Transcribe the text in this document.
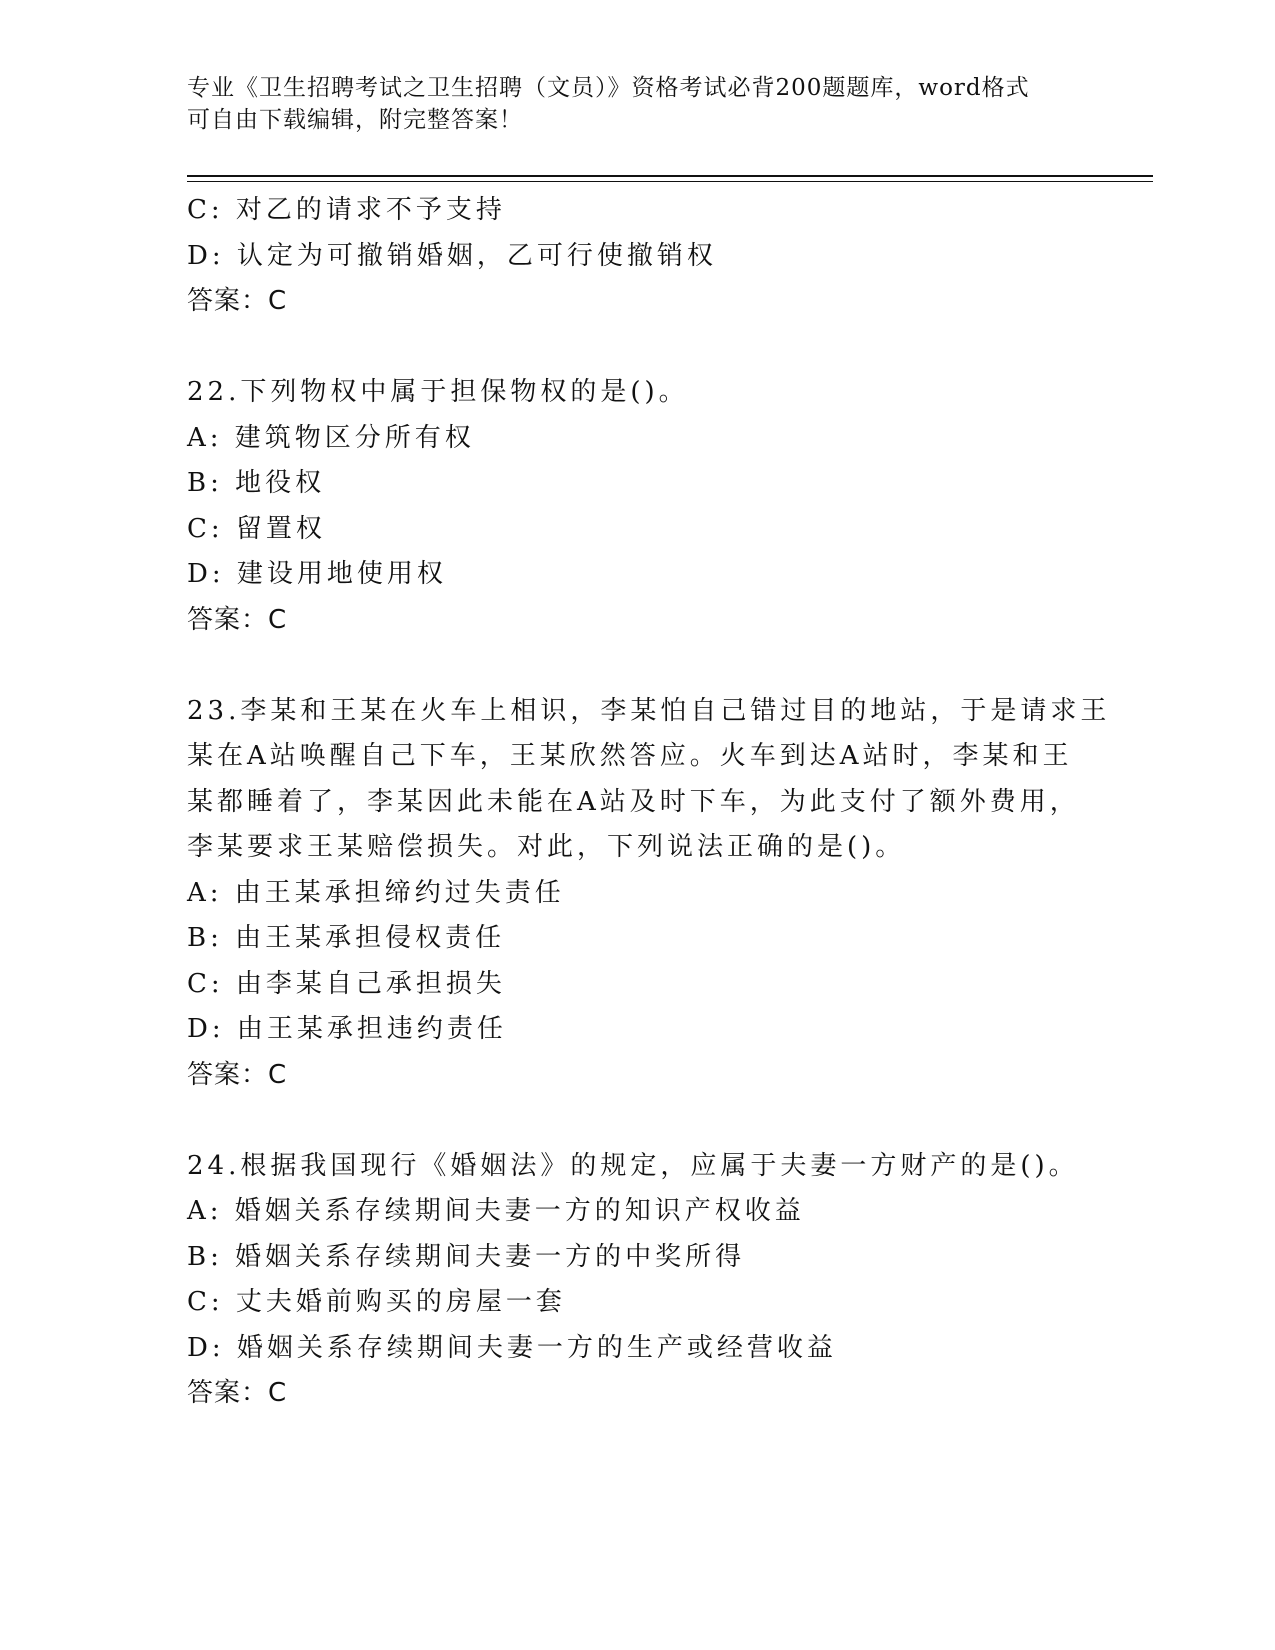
专业《卫生招聘考试之卫生招聘（文员）》资格考试必背200题题库，word格式
可自由下载编辑，附完整答案！
C: 对乙的请求不予支持
D: 认定为可撤销婚姻，乙可行使撤销权
答案：C
22.下列物权中属于担保物权的是()。
A: 建筑物区分所有权
B: 地役权
C: 留置权
D: 建设用地使用权
答案：C
23.李某和王某在火车上相识，李某怕自己错过目的地站，于是请求王
某在A站唤醒自己下车，王某欣然答应。火车到达A站时，李某和王
某都睡着了，李某因此未能在A站及时下车，为此支付了额外费用，
李某要求王某赔偿损失。对此，下列说法正确的是()。
A: 由王某承担缔约过失责任
B: 由王某承担侵权责任
C: 由李某自己承担损失
D: 由王某承担违约责任
答案：C
24.根据我国现行《婚姻法》的规定，应属于夫妻一方财产的是()。
A: 婚姻关系存续期间夫妻一方的知识产权收益
B: 婚姻关系存续期间夫妻一方的中奖所得
C: 丈夫婚前购买的房屋一套
D: 婚姻关系存续期间夫妻一方的生产或经营收益
答案：C
